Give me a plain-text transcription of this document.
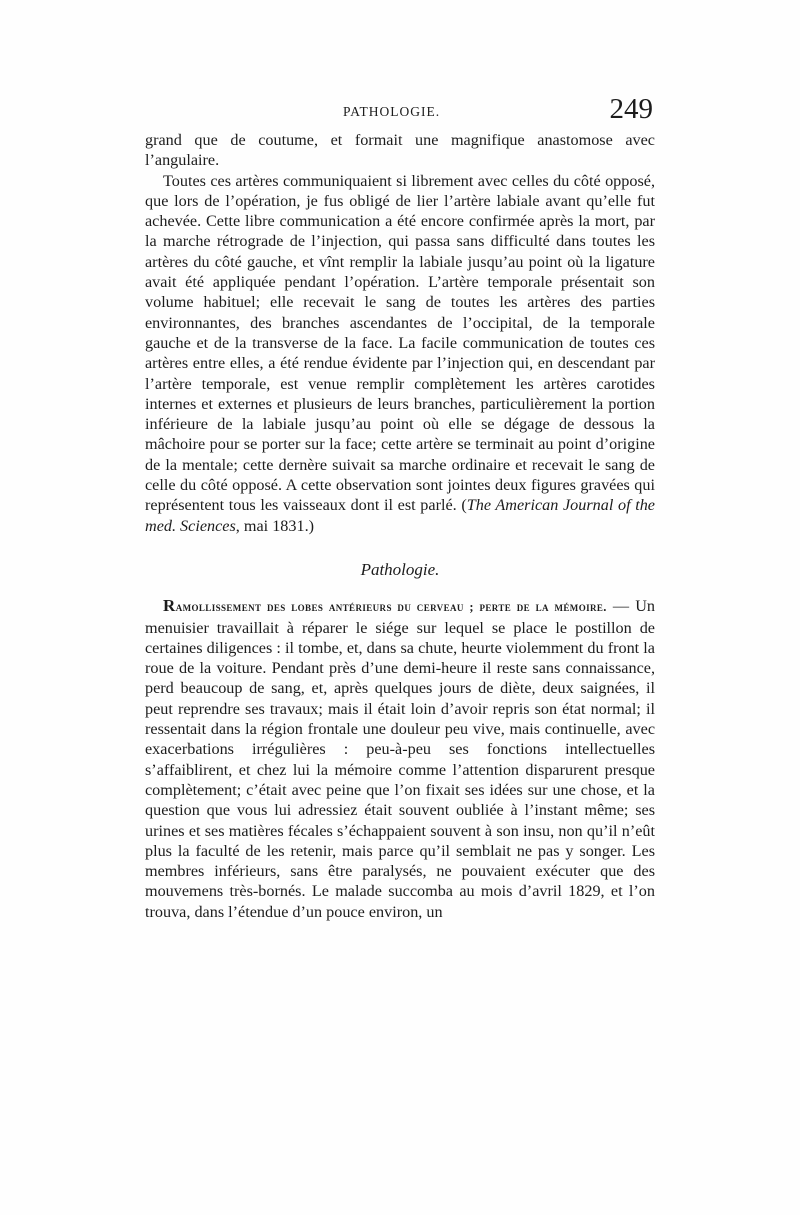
PATHOLOGIE.	249

grand que de coutume, et formait une magnifique anastomose avec l’angulaire.

Toutes ces artères communiquaient si librement avec celles du côté opposé, que lors de l’opération, je fus obligé de lier l’artère labiale avant qu’elle fut achevée. Cette libre communication a été encore confirmée après la mort, par la marche rétrograde de l’injection, qui passa sans difficulté dans toutes les artères du côté gauche, et vînt remplir la labiale jusqu’au point où la ligature avait été appliquée pendant l’opération. L’artère temporale présentait son volume habituel; elle recevait le sang de toutes les artères des parties environnantes, des branches ascendantes de l’occipital, de la temporale gauche et de la transverse de la face. La facile communication de toutes ces artères entre elles, a été rendue évidente par l’injection qui, en descendant par l’artère temporale, est venue remplir complètement les artères carotides internes et externes et plusieurs de leurs branches, particulièrement la portion inférieure de la labiale jusqu’au point où elle se dégage de dessous la mâchoire pour se porter sur la face; cette artère se terminait au point d’origine de la mentale; cette dernère suivait sa marche ordinaire et recevait le sang de celle du côté opposé. A cette observation sont jointes deux figures gravées qui représentent tous les vaisseaux dont il est parlé. (The American Journal of the med. Sciences, mai 1831.)

Pathologie.

Ramollissement des lobes antérieurs du cerveau ; perte de la mémoire. — Un menuisier travaillait à réparer le siége sur lequel se place le postillon de certaines diligences : il tombe, et, dans sa chute, heurte violemment du front la roue de la voiture. Pendant près d’une demi-heure il reste sans connaissance, perd beaucoup de sang, et, après quelques jours de diète, deux saignées, il peut reprendre ses travaux; mais il était loin d’avoir repris son état normal; il ressentait dans la région frontale une douleur peu vive, mais continuelle, avec exacerbations irrégulières : peu-à-peu ses fonctions intellectuelles s’affaiblirent, et chez lui la mémoire comme l’attention disparurent presque complètement; c’était avec peine que l’on fixait ses idées sur une chose, et la question que vous lui adressiez était souvent oubliée à l’instant même; ses urines et ses matières fécales s’échappaient souvent à son insu, non qu’il n’eût plus la faculté de les retenir, mais parce qu’il semblait ne pas y songer. Les membres inférieurs, sans être paralysés, ne pouvaient exécuter que des mouvemens très-bornés. Le malade succomba au mois d’avril 1829, et l’on trouva, dans l’étendue d’un pouce environ, un
